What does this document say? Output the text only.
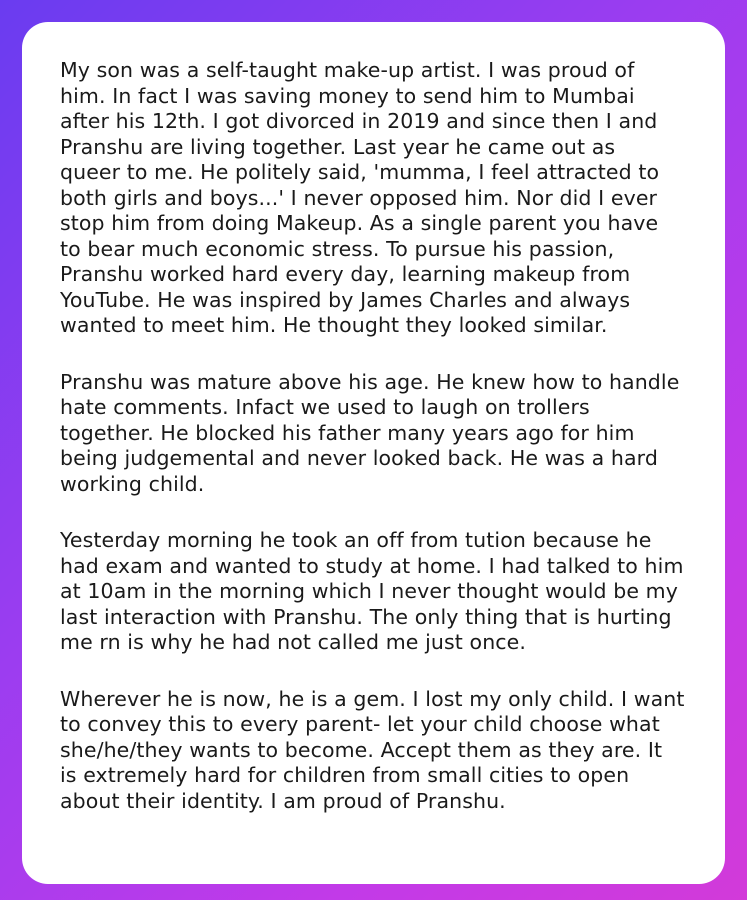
My son was a self-taught make-up artist. I was proud of
him. In fact I was saving money to send him to Mumbai
after his 12th. I got divorced in 2019 and since then I and
Pranshu are living together. Last year he came out as
queer to me. He politely said, 'mumma, I feel attracted to
both girls and boys...' I never opposed him. Nor did I ever
stop him from doing Makeup. As a single parent you have
to bear much economic stress. To pursue his passion,
Pranshu worked hard every day, learning makeup from
YouTube. He was inspired by James Charles and always
wanted to meet him. He thought they looked similar.

Pranshu was mature above his age. He knew how to handle
hate comments. Infact we used to laugh on trollers
together. He blocked his father many years ago for him
being judgemental and never looked back. He was a hard
working child.

Yesterday morning he took an off from tution because he
had exam and wanted to study at home. I had talked to him
at 10am in the morning which I never thought would be my
last interaction with Pranshu. The only thing that is hurting
me rn is why he had not called me just once.

Wherever he is now, he is a gem. I lost my only child. I want
to convey this to every parent- let your child choose what
she/he/they wants to become. Accept them as they are. It
is extremely hard for children from small cities to open
about their identity. I am proud of Pranshu.
